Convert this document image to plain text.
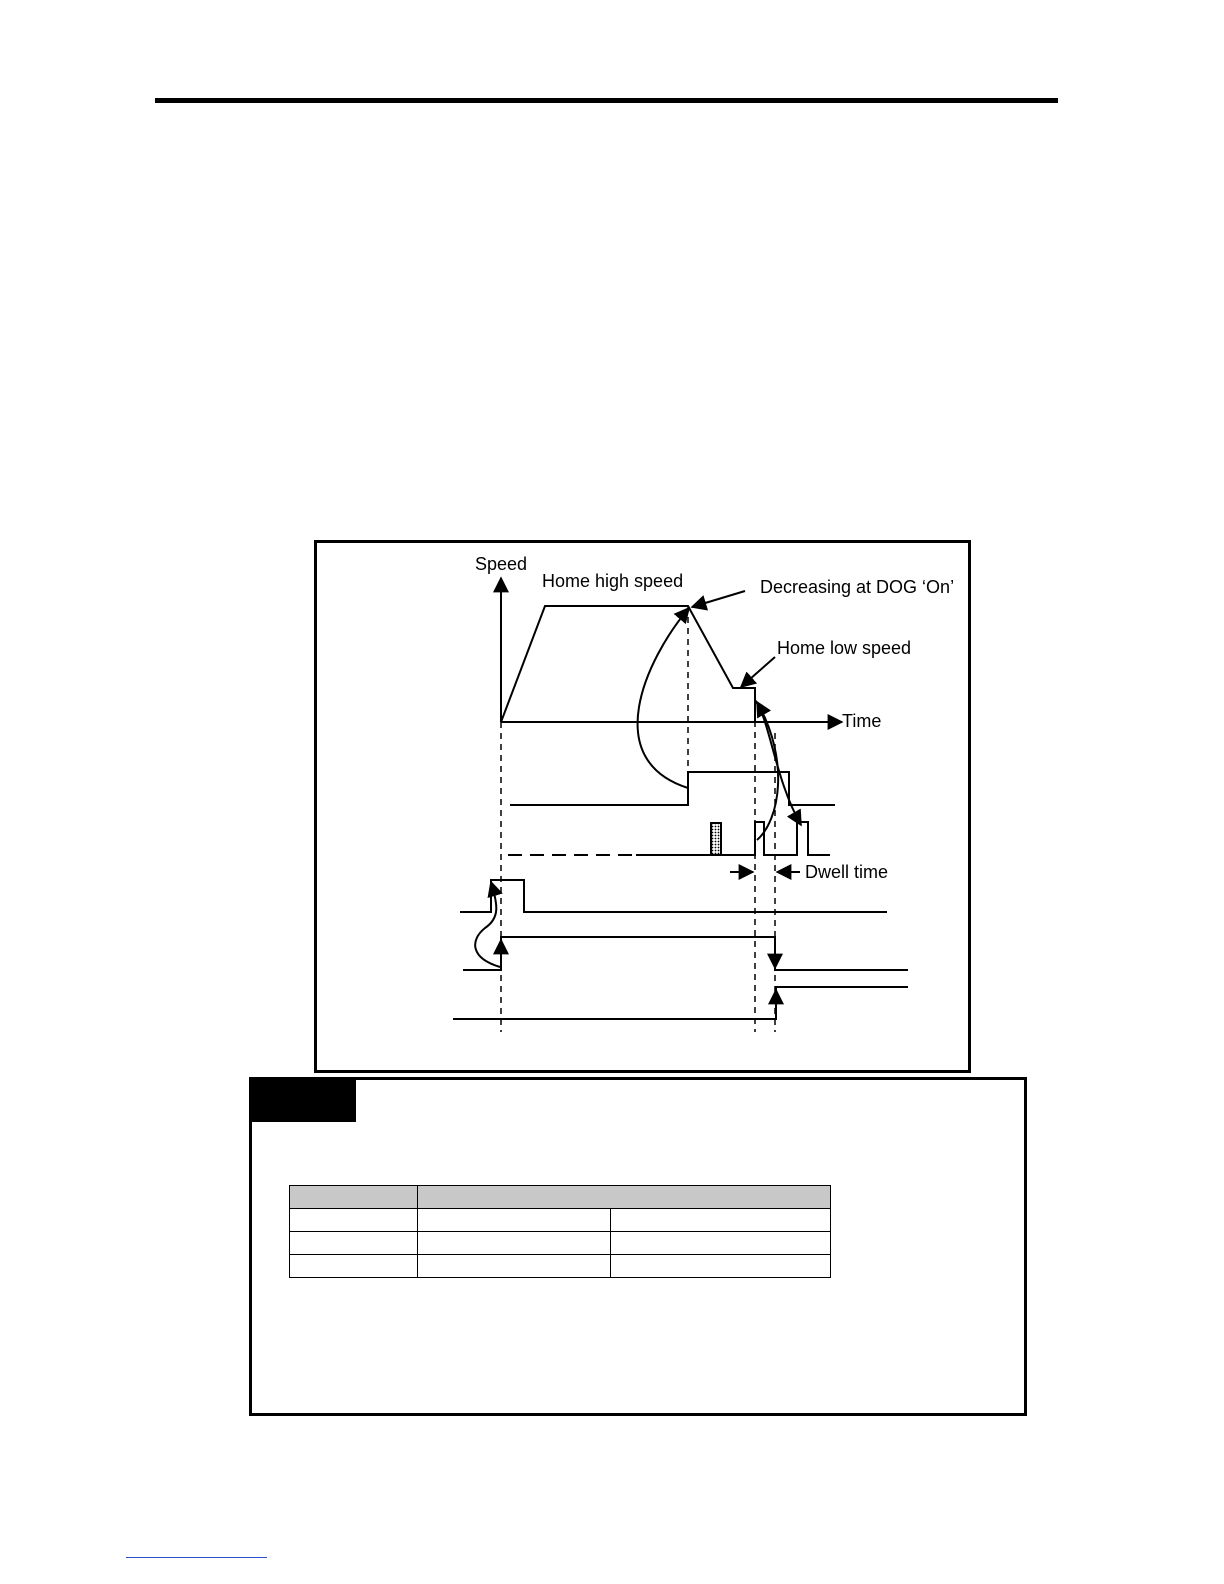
Speed
Time
Home high speed	Decreasing at DOG ‘On’
Home low speed
Dwell time
